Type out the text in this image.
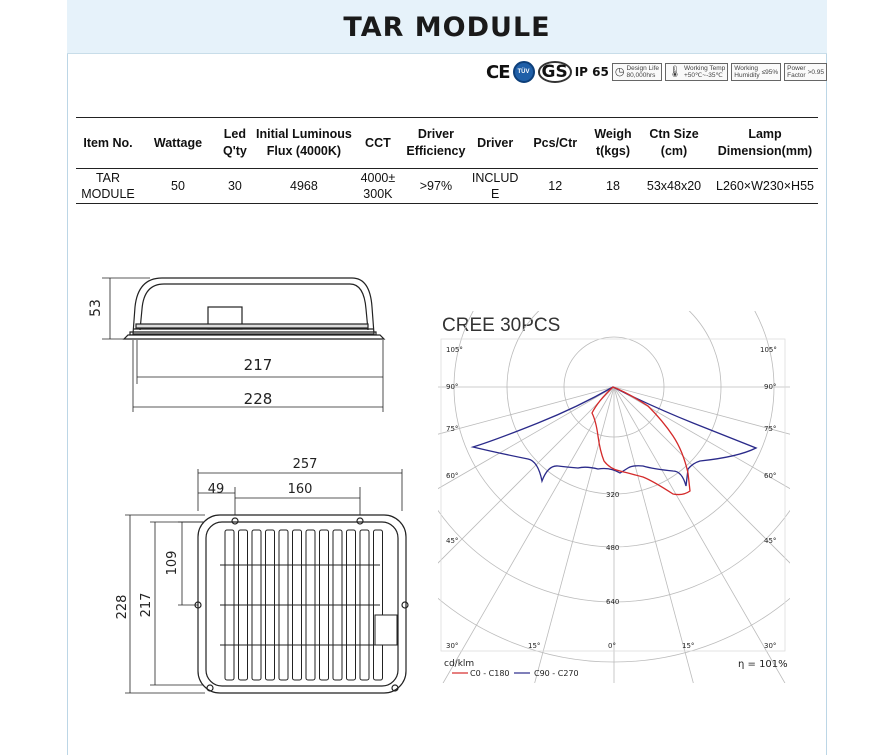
TAR MODULE
CE	TÜV GS IP 65 ◷ Design Life
80,000hrs	🌡 Working Temp
+50℃~-35℃
Working
Humidity ≤95% Power
Factor >0.95
Item No.	Wattage	Led Q'ty	Initial Luminous Flux (4000K)	CCT	Driver Efficiency	Driver	Pcs/Ctr	Weigh t(kgs)	Ctn Size (cm)	Lamp Dimension(mm)
TAR MODULE	50	30	4968	4000± 300K	>97%	INCLUD E	12	18	53x48x20	L260×W230×H55
53
217
228
257
49	160
109
217
228
CREE 30PCS
105°	105°
90°	90°
75°	75°
60°	60°
45°	45°
30°	30°
15°	15°
0°
320
480
640
cd/klm
C0 - C180	C90 - C270
η = 101%
